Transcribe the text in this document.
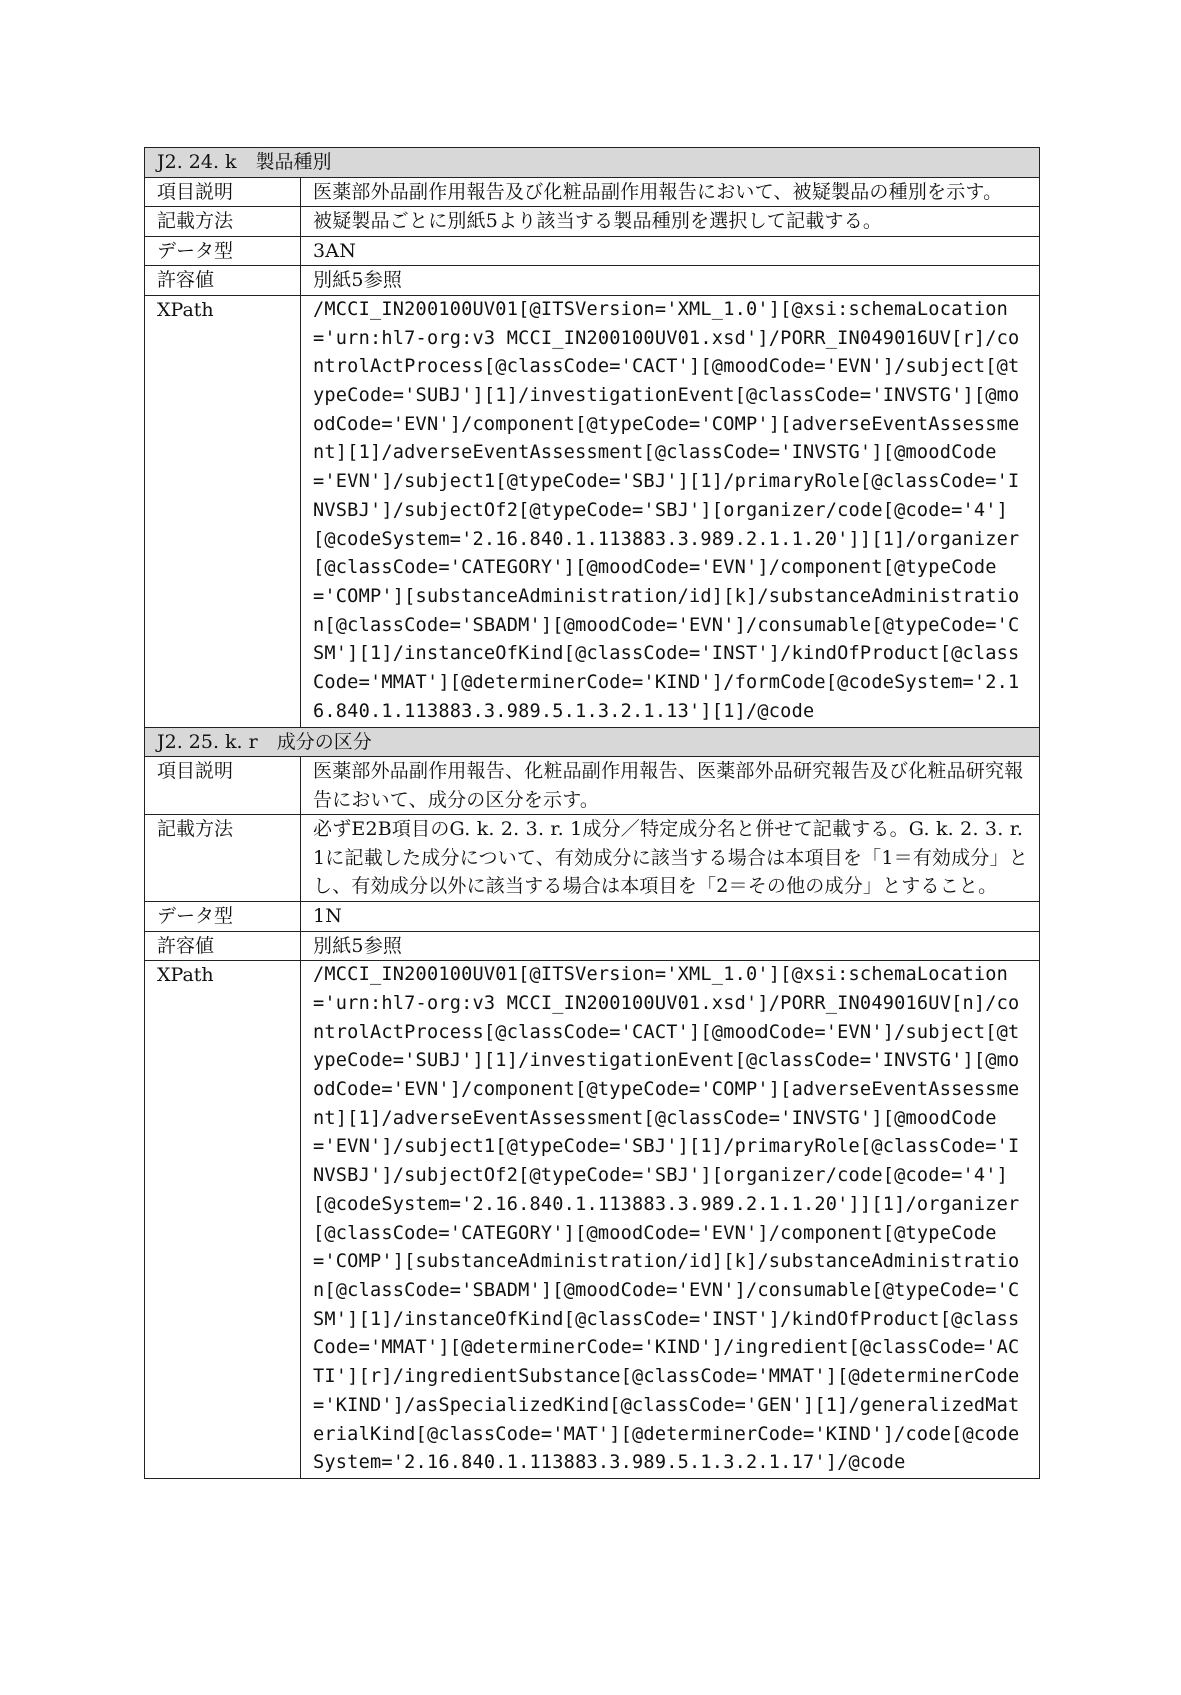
J2. 24. k　製品種別	
項目説明	医薬部外品副作用報告及び化粧品副作用報告において、被疑製品の種別を示す。
記載方法	被疑製品ごとに別紙5より該当する製品種別を選択して記載する。
データ型	3AN
許容値	別紙5参照
XPath	/MCCI_IN200100UV01[@ITSVersion='XML_1.0'][@xsi:schemaLocation='urn:hl7-org:v3 MCCI_IN200100UV01.xsd']/PORR_IN049016UV[r]/controlActProcess[@classCode='CACT'][@moodCode='EVN']/subject[@typeCode='SUBJ'][1]/investigationEvent[@classCode='INVSTG'][@moodCode='EVN']/component[@typeCode='COMP'][adverseEventAssessment][1]/adverseEventAssessment[@classCode='INVSTG'][@moodCode='EVN']/subject1[@typeCode='SBJ'][1]/primaryRole[@classCode='INVSBJ']/subjectOf2[@typeCode='SBJ'][organizer/code[@code='4'][@codeSystem='2.16.840.1.113883.3.989.2.1.1.20']][1]/organizer[@classCode='CATEGORY'][@moodCode='EVN']/component[@typeCode='COMP'][substanceAdministration/id][k]/substanceAdministration[@classCode='SBADM'][@moodCode='EVN']/consumable[@typeCode='CSM'][1]/instanceOfKind[@classCode='INST']/kindOfProduct[@classCode='MMAT'][@determinerCode='KIND']/formCode[@codeSystem='2.16.840.1.113883.3.989.5.1.3.2.1.13'][1]/@code
J2. 25. k. r　成分の区分	
項目説明	医薬部外品副作用報告、化粧品副作用報告、医薬部外品研究報告及び化粧品研究報告において、成分の区分を示す。
記載方法	必ずE2B項目のG. k. 2. 3. r. 1成分／特定成分名と併せて記載する。G. k. 2. 3. r. 1に記載した成分について、有効成分に該当する場合は本項目を「1＝有効成分」とし、有効成分以外に該当する場合は本項目を「2＝その他の成分」とすること。
データ型	1N
許容値	別紙5参照
XPath	/MCCI_IN200100UV01[@ITSVersion='XML_1.0'][@xsi:schemaLocation='urn:hl7-org:v3 MCCI_IN200100UV01.xsd']/PORR_IN049016UV[n]/controlActProcess[@classCode='CACT'][@moodCode='EVN']/subject[@typeCode='SUBJ'][1]/investigationEvent[@classCode='INVSTG'][@moodCode='EVN']/component[@typeCode='COMP'][adverseEventAssessment][1]/adverseEventAssessment[@classCode='INVSTG'][@moodCode='EVN']/subject1[@typeCode='SBJ'][1]/primaryRole[@classCode='INVSBJ']/subjectOf2[@typeCode='SBJ'][organizer/code[@code='4'][@codeSystem='2.16.840.1.113883.3.989.2.1.1.20']][1]/organizer[@classCode='CATEGORY'][@moodCode='EVN']/component[@typeCode='COMP'][substanceAdministration/id][k]/substanceAdministration[@classCode='SBADM'][@moodCode='EVN']/consumable[@typeCode='CSM'][1]/instanceOfKind[@classCode='INST']/kindOfProduct[@classCode='MMAT'][@determinerCode='KIND']/ingredient[@classCode='ACTI'][r]/ingredientSubstance[@classCode='MMAT'][@determinerCode='KIND']/asSpecializedKind[@classCode='GEN'][1]/generalizedMaterialKind[@classCode='MAT'][@determinerCode='KIND']/code[@codeSystem='2.16.840.1.113883.3.989.5.1.3.2.1.17']/@code
